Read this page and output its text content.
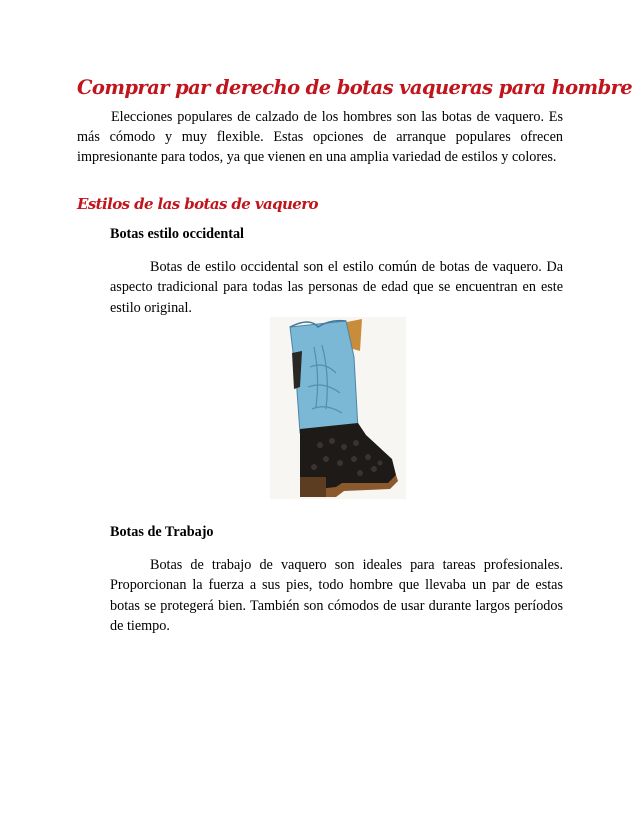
Comprar par derecho de botas vaqueras para hombre

Elecciones populares de calzado de los hombres son las botas de vaquero. Es más cómodo y muy flexible. Estas opciones de arranque populares ofrecen impresionante para todos, ya que vienen en una amplia variedad de estilos y colores.

Estilos de las botas de vaquero
Botas estilo occidental

Botas de estilo occidental son el estilo común de botas de vaquero. Da aspecto tradicional para todas las personas de edad que se encuentran en este estilo original.

Botas de Trabajo

Botas de trabajo de vaquero son ideales para tareas profesionales. Proporcionan la fuerza a sus pies, todo hombre que llevaba un par de estas botas se protegerá bien. También son cómodos de usar durante largos períodos de tiempo.
